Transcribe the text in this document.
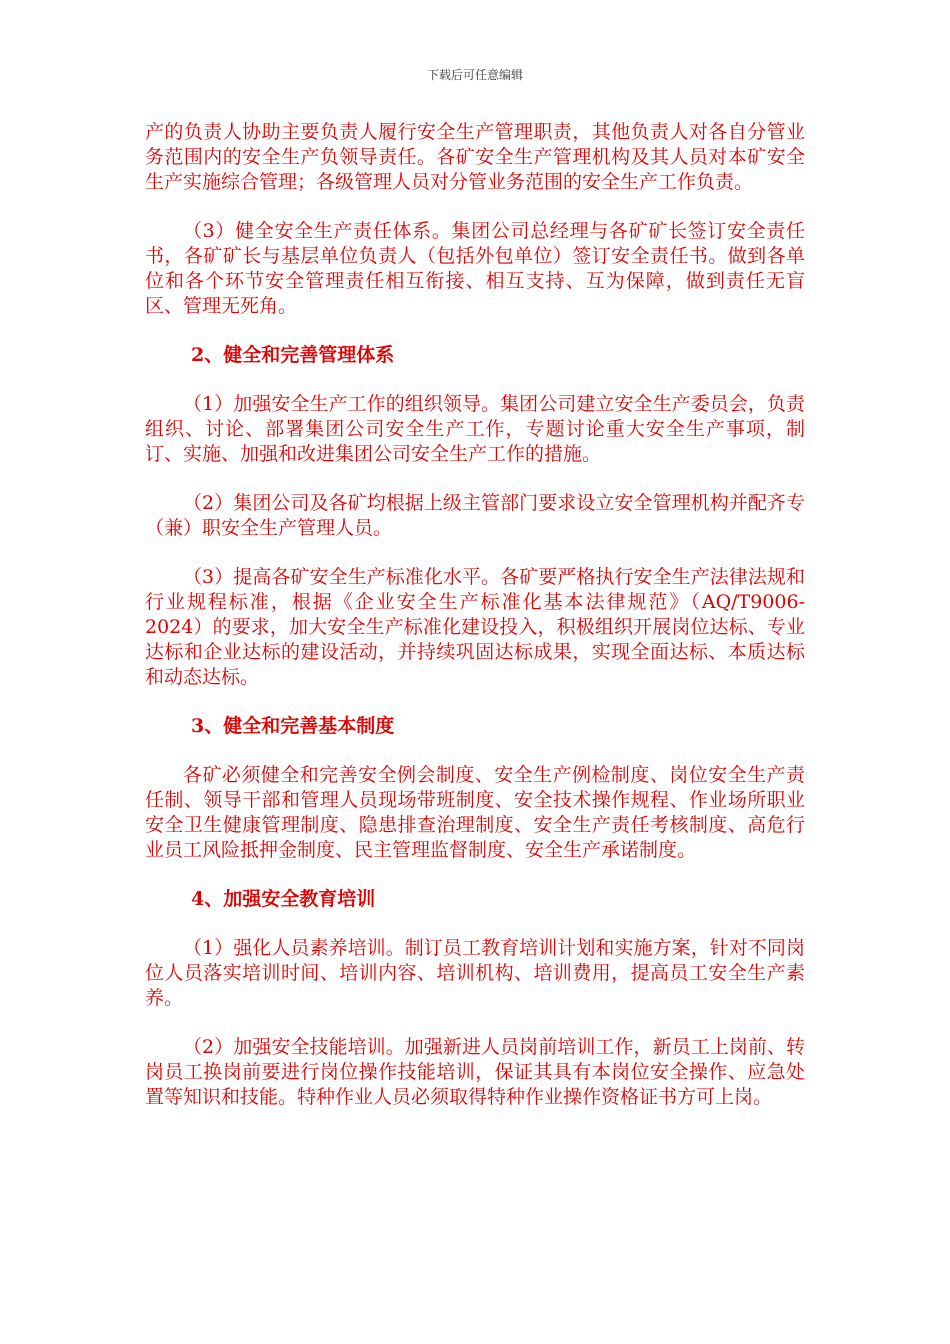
下载后可任意编辑

产的负责人协助主要负责人履行安全生产管理职责，其他负责人对各自分管业务范围内的安全生产负领导责任。各矿安全生产管理机构及其人员对本矿安全生产实施综合管理；各级管理人员对分管业务范围的安全生产工作负责。

（3）健全安全生产责任体系。集团公司总经理与各矿矿长签订安全责任书，各矿矿长与基层单位负责人（包括外包单位）签订安全责任书。做到各单位和各个环节安全管理责任相互衔接、相互支持、互为保障，做到责任无盲区、管理无死角。

2、健全和完善管理体系

（1）加强安全生产工作的组织领导。集团公司建立安全生产委员会，负责组织、讨论、部署集团公司安全生产工作，专题讨论重大安全生产事项，制订、实施、加强和改进集团公司安全生产工作的措施。

（2）集团公司及各矿均根据上级主管部门要求设立安全管理机构并配齐专（兼）职安全生产管理人员。

（3）提高各矿安全生产标准化水平。各矿要严格执行安全生产法律法规和行业规程标准，根据《企业安全生产标准化基本法律规范》（AQ/T9006-2024）的要求，加大安全生产标准化建设投入，积极组织开展岗位达标、专业达标和企业达标的建设活动，并持续巩固达标成果，实现全面达标、本质达标和动态达标。

3、健全和完善基本制度

各矿必须健全和完善安全例会制度、安全生产例检制度、岗位安全生产责任制、领导干部和管理人员现场带班制度、安全技术操作规程、作业场所职业安全卫生健康管理制度、隐患排查治理制度、安全生产责任考核制度、高危行业员工风险抵押金制度、民主管理监督制度、安全生产承诺制度。

4、加强安全教育培训

（1）强化人员素养培训。制订员工教育培训计划和实施方案，针对不同岗位人员落实培训时间、培训内容、培训机构、培训费用，提高员工安全生产素养。

（2）加强安全技能培训。加强新进人员岗前培训工作，新员工上岗前、转岗员工换岗前要进行岗位操作技能培训，保证其具有本岗位安全操作、应急处置等知识和技能。特种作业人员必须取得特种作业操作资格证书方可上岗。
